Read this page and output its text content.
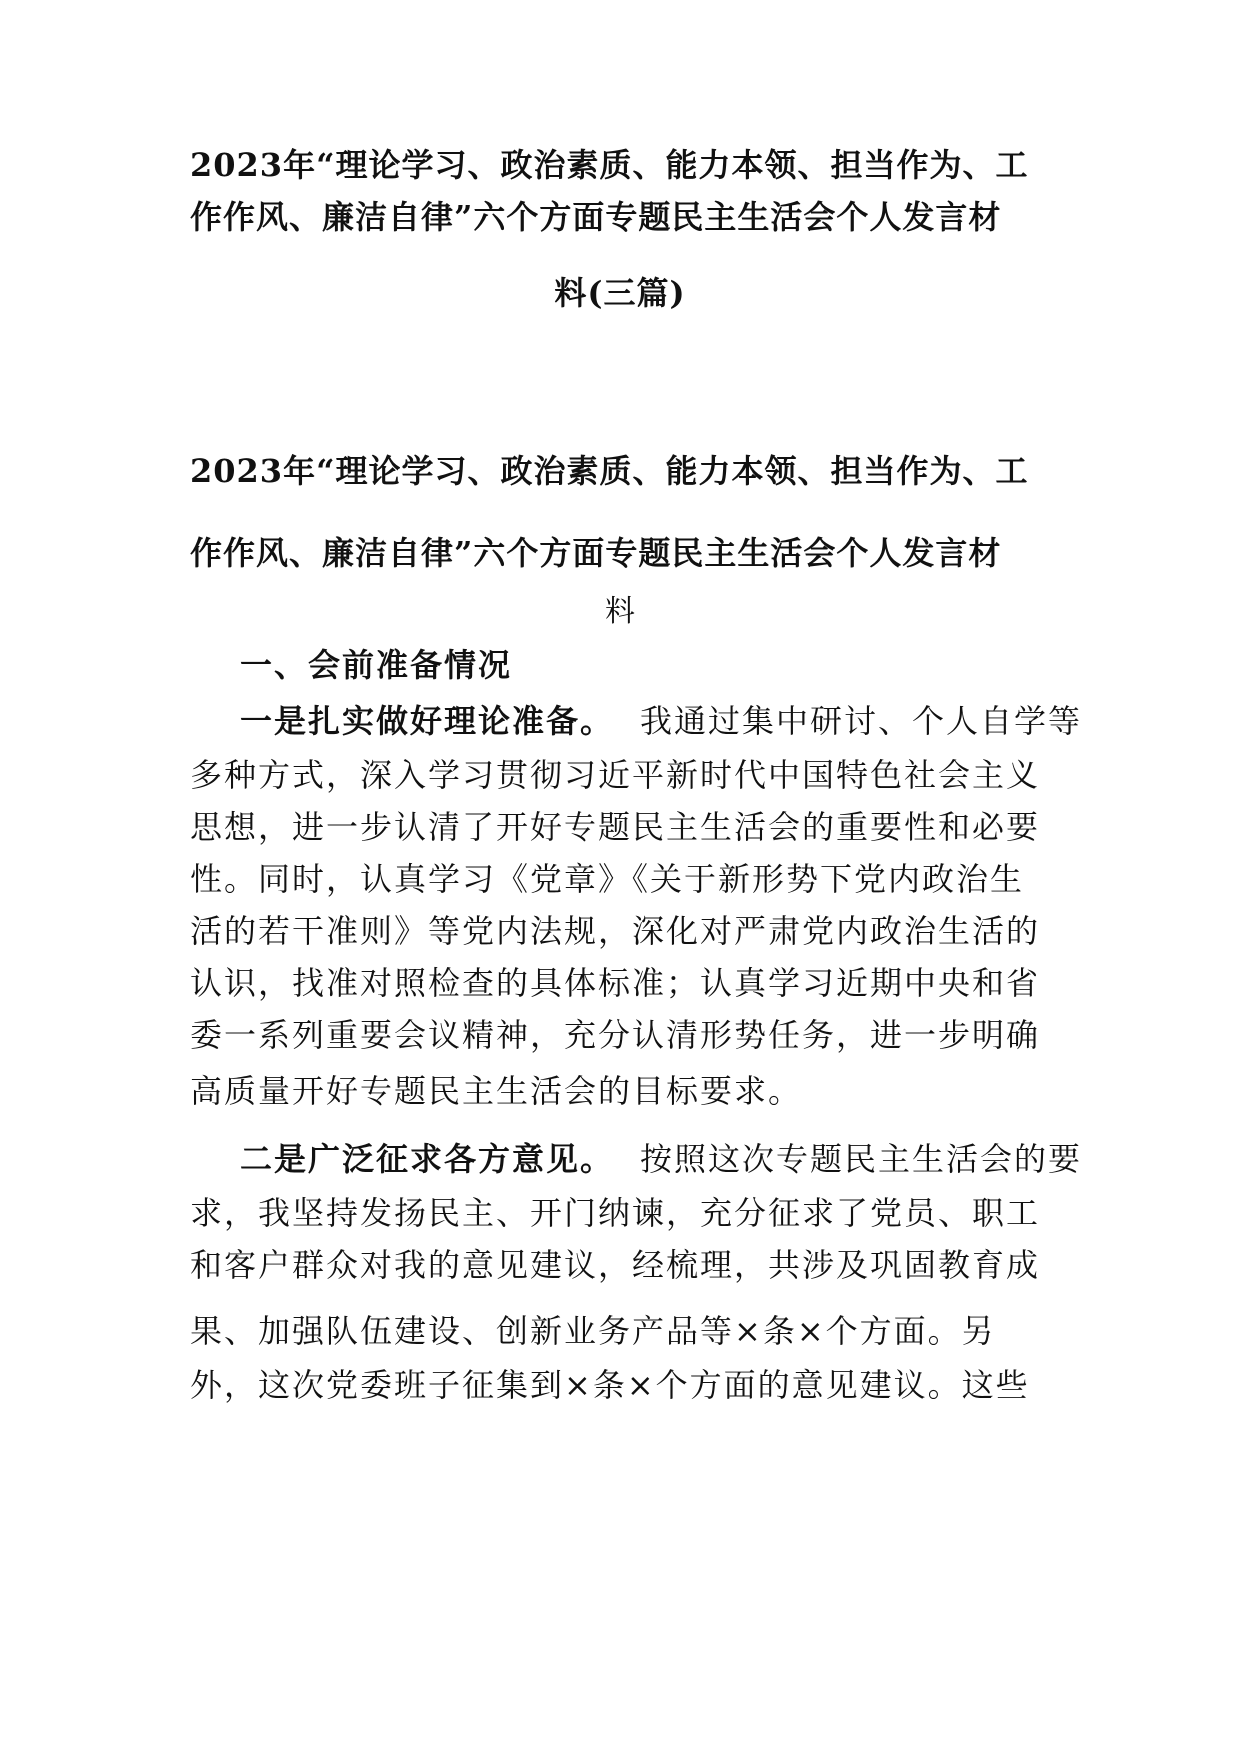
2023年“理论学习、政治素质、能力本领、担当作为、工
作作风、廉洁自律”六个方面专题民主生活会个人发言材
料(三篇)
2023年“理论学习、政治素质、能力本领、担当作为、工
作作风、廉洁自律”六个方面专题民主生活会个人发言材
料
一、会前准备情况
一是扎实做好理论准备。 我通过集中研讨、个人自学等
多种方式，深入学习贯彻习近平新时代中国特色社会主义
思想，进一步认清了开好专题民主生活会的重要性和必要
性。同时，认真学习《党章》《关于新形势下党内政治生
活的若干准则》等党内法规，深化对严肃党内政治生活的
认识，找准对照检查的具体标准；认真学习近期中央和省
委一系列重要会议精神，充分认清形势任务，进一步明确
高质量开好专题民主生活会的目标要求。
二是广泛征求各方意见。 按照这次专题民主生活会的要
求，我坚持发扬民主、开门纳谏，充分征求了党员、职工
和客户群众对我的意见建议，经梳理，共涉及巩固教育成
果、加强队伍建设、创新业务产品等×条×个方面。另
外，这次党委班子征集到×条×个方面的意见建议。这些
